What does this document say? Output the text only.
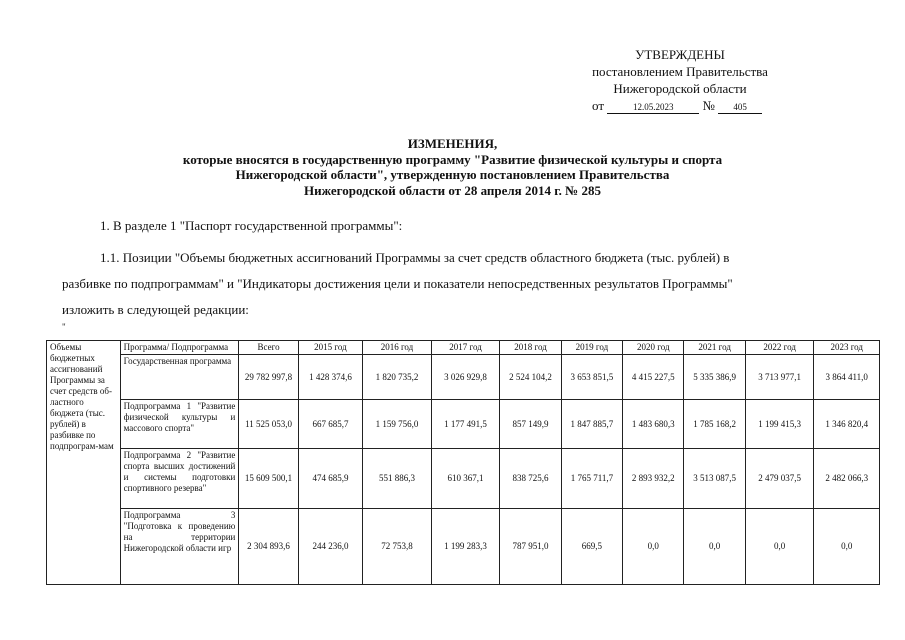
УТВЕРЖДЕНЫ
постановлением Правительства
Нижегородской области
от	12.05.2023 № 405
ИЗМЕНЕНИЯ,
которые вносятся в государственную программу "Развитие физической культуры и спорта
Нижегородской области", утвержденную постановлением Правительства
Нижегородской области от 28 апреля 2014 г. № 285
1. В разделе 1 "Паспорт государственной программы":
1.1. Позиции "Объемы бюджетных ассигнований Программы за счет средств областного бюджета (тыс. рублей) в
разбивке по подпрограммам" и "Индикаторы достижения цели и показатели непосредственных результатов Программы"
изложить в следующей редакции:
"
Объемы бюджетных ассигнований Программы за счет средств об-ластного бюджета (тыс. рублей) в разбивке по подпрограм-мам	Программа/ Подпрограмма	Всего	2015 год	2016 год	2017 год	2018 год	2019 год	2020 год	2021 год	2022 год	2023 год
	Государственная программа	29 782 997,8	1 428 374,6	1 820 735,2	3 026 929,8	2 524 104,2	3 653 851,5	4 415 227,5	5 335 386,9	3 713 977,1	3 864 411,0
	Подпрограмма 1 "Развитие физической культуры и массового спорта"	11 525 053,0	667 685,7	1 159 756,0	1 177 491,5	857 149,9	1 847 885,7	1 483 680,3	1 785 168,2	1 199 415,3	1 346 820,4
	Подпрограмма 2 "Развитие спорта высших достижений и системы подготовки спортивного резерва"	15 609 500,1	474 685,9	551 886,3	610 367,1	838 725,6	1 765 711,7	2 893 932,2	3 513 087,5	2 479 037,5	2 482 066,3
	Подпрограмма 3 "Подготовка к проведению на территории Нижегородской области игр	2 304 893,6	244 236,0	72 753,8	1 199 283,3	787 951,0	669,5	0,0	0,0	0,0	0,0
